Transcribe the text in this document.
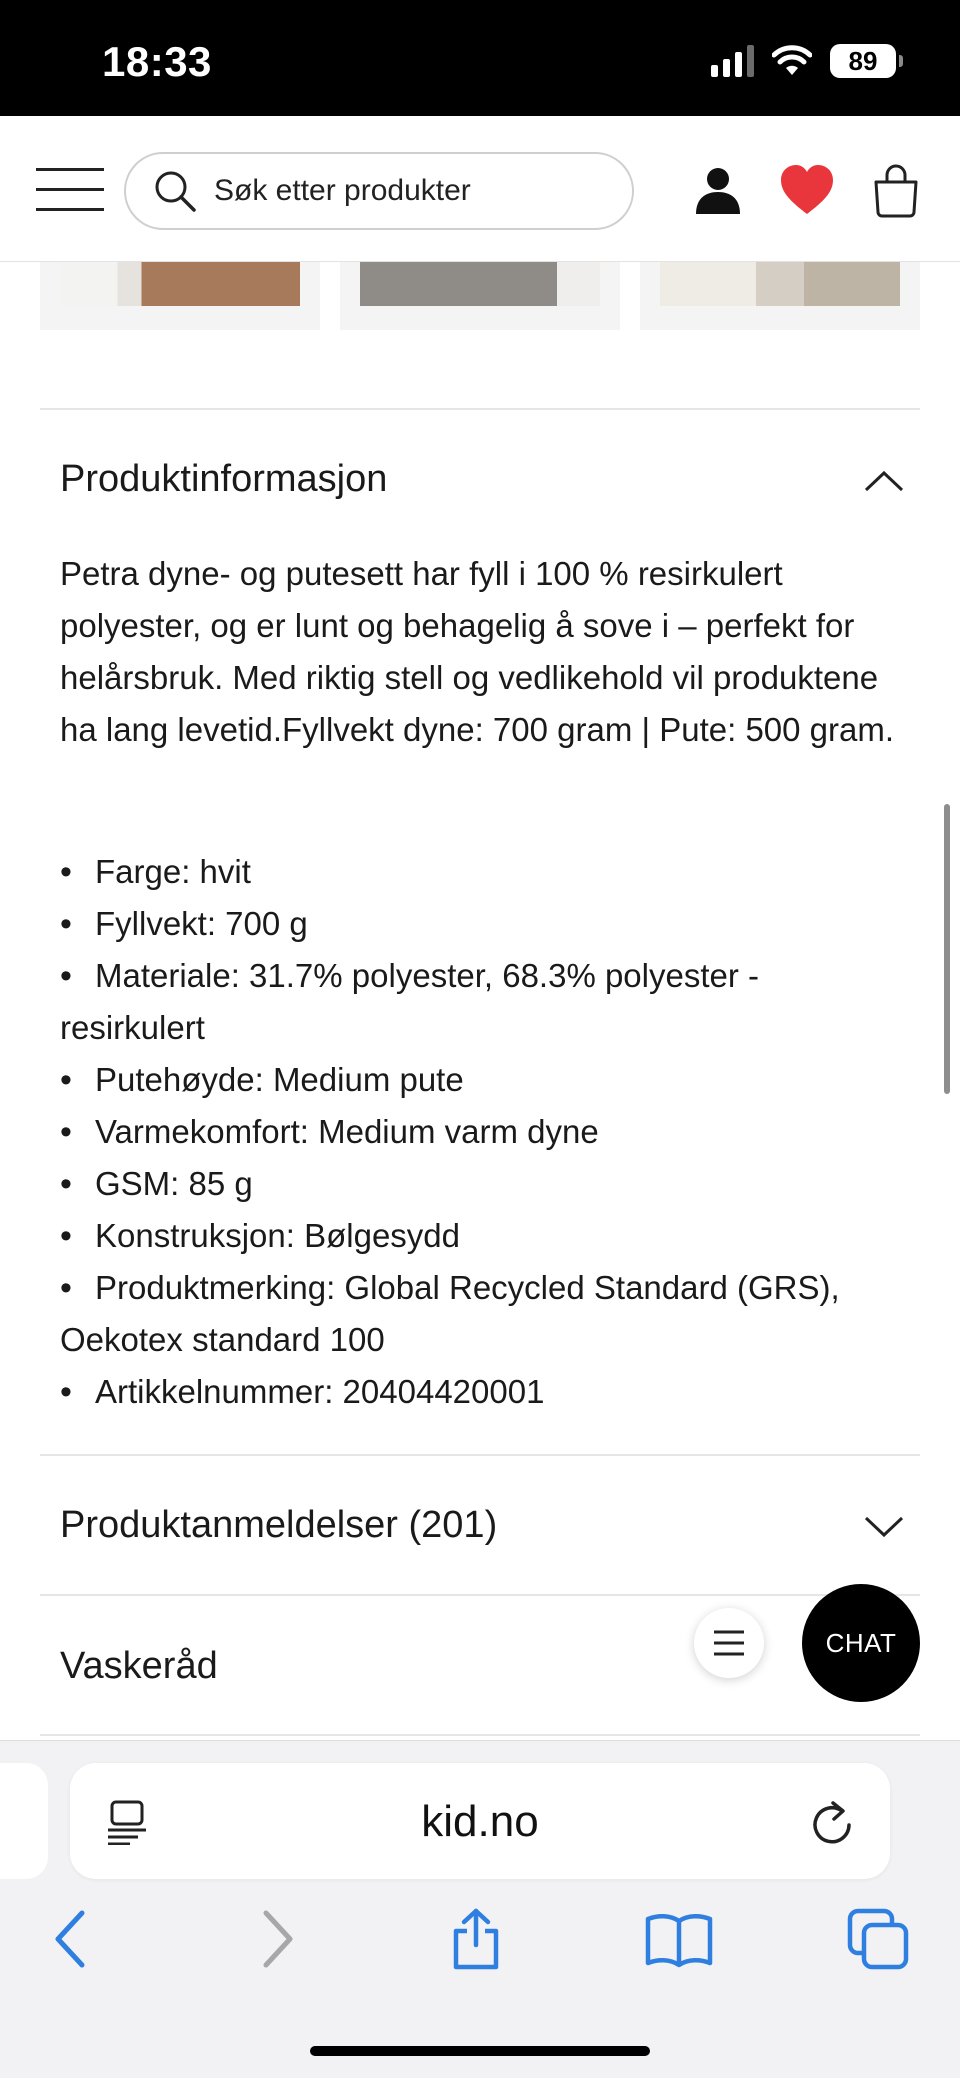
18:33	89
Søk etter produkter
Produktinformasjon

Petra dyne- og putesett har fyll i 100 % resirkulert polyester, og er lunt og behagelig å sove i – perfekt for helårsbruk. Med riktig stell og vedlikehold vil produktene ha lang levetid.Fyllvekt dyne: 700 gram | Pute: 500 gram.

• Farge: hvit
• Fyllvekt: 700 g
• Materiale: 31.7% polyester, 68.3% polyester - resirkulert
• Putehøyde: Medium pute
• Varmekomfort: Medium varm dyne
• GSM: 85 g
• Konstruksjon: Bølgesydd
• Produktmerking: Global Recycled Standard (GRS), Oekotex standard 100
• Artikkelnummer: 20404420001
Produktanmeldelser (201)
Vaskeråd
CHAT
kid.no
